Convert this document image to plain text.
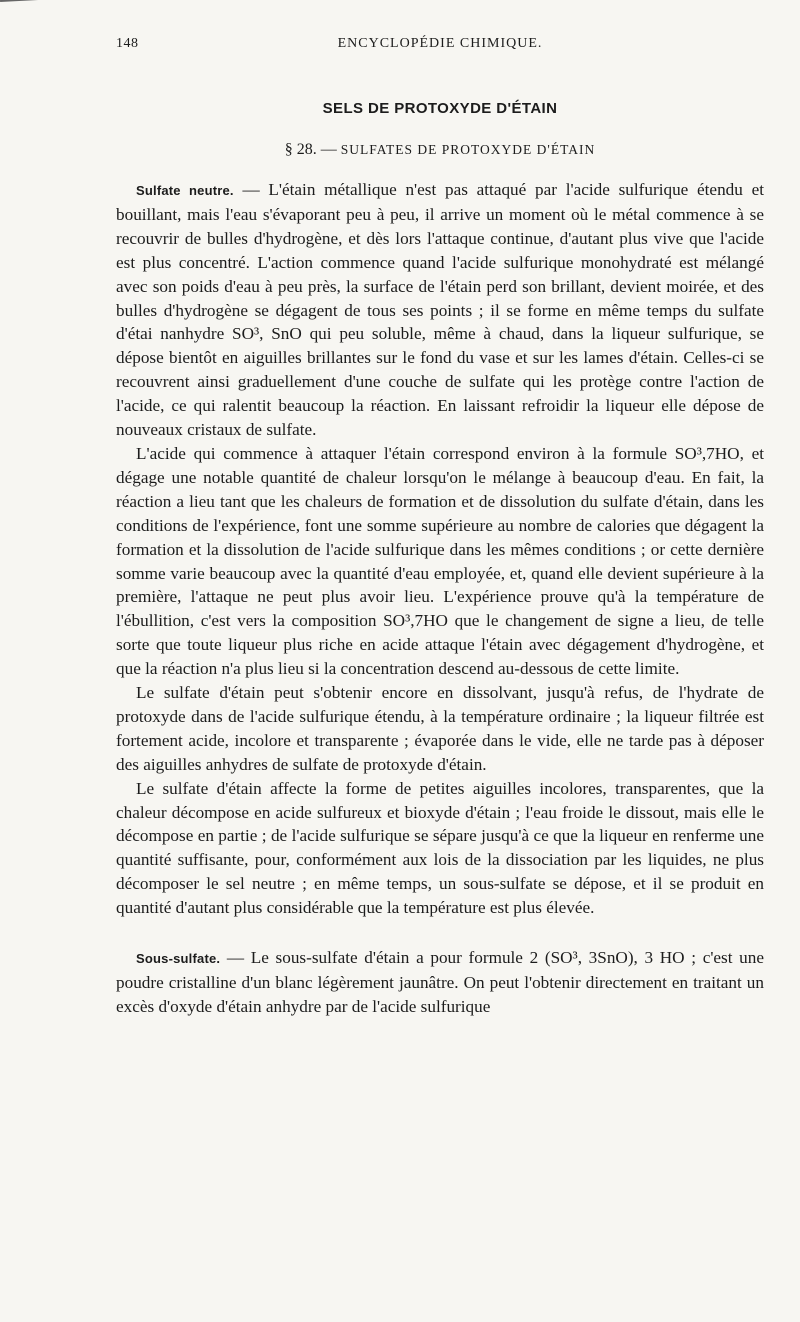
148	ENCYCLOPÉDIE CHIMIQUE.
SELS DE PROTOXYDE D'ÉTAIN
§ 28. — SULFATES DE PROTOXYDE D'ÉTAIN

Sulfate neutre. — L'étain métallique n'est pas attaqué par l'acide sulfurique étendu et bouillant, mais l'eau s'évaporant peu à peu, il arrive un moment où le métal commence à se recouvrir de bulles d'hydrogène, et dès lors l'attaque continue, d'autant plus vive que l'acide est plus concentré. L'action commence quand l'acide sulfurique monohydraté est mélangé avec son poids d'eau à peu près, la surface de l'étain perd son brillant, devient moirée, et des bulles d'hydrogène se dégagent de tous ses points ; il se forme en même temps du sulfate d'étai nanhydre SO³, SnO qui peu soluble, même à chaud, dans la liqueur sulfurique, se dépose bientôt en aiguilles brillantes sur le fond du vase et sur les lames d'étain. Celles-ci se recouvrent ainsi graduellement d'une couche de sulfate qui les protège contre l'action de l'acide, ce qui ralentit beaucoup la réaction. En laissant refroidir la liqueur elle dépose de nouveaux cristaux de sulfate.

L'acide qui commence à attaquer l'étain correspond environ à la formule SO³,7HO, et dégage une notable quantité de chaleur lorsqu'on le mélange à beaucoup d'eau. En fait, la réaction a lieu tant que les chaleurs de formation et de dissolution du sulfate d'étain, dans les conditions de l'expérience, font une somme supérieure au nombre de calories que dégagent la formation et la dissolution de l'acide sulfurique dans les mêmes conditions ; or cette dernière somme varie beaucoup avec la quantité d'eau employée, et, quand elle devient supérieure à la première, l'attaque ne peut plus avoir lieu. L'expérience prouve qu'à la température de l'ébullition, c'est vers la composition SO³,7HO que le changement de signe a lieu, de telle sorte que toute liqueur plus riche en acide attaque l'étain avec dégagement d'hydrogène, et que la réaction n'a plus lieu si la concentration descend au-dessous de cette limite.

Le sulfate d'étain peut s'obtenir encore en dissolvant, jusqu'à refus, de l'hydrate de protoxyde dans de l'acide sulfurique étendu, à la température ordinaire ; la liqueur filtrée est fortement acide, incolore et transparente ; évaporée dans le vide, elle ne tarde pas à déposer des aiguilles anhydres de sulfate de protoxyde d'étain.

Le sulfate d'étain affecte la forme de petites aiguilles incolores, transparentes, que la chaleur décompose en acide sulfureux et bioxyde d'étain ; l'eau froide le dissout, mais elle le décompose en partie ; de l'acide sulfurique se sépare jusqu'à ce que la liqueur en renferme une quantité suffisante, pour, conformément aux lois de la dissociation par les liquides, ne plus décomposer le sel neutre ; en même temps, un sous-sulfate se dépose, et il se produit en quantité d'autant plus considérable que la température est plus élevée.

Sous-sulfate. — Le sous-sulfate d'étain a pour formule 2 (SO³, 3SnO), 3 HO ; c'est une poudre cristalline d'un blanc légèrement jaunâtre. On peut l'obtenir directement en traitant un excès d'oxyde d'étain anhydre par de l'acide sulfurique
